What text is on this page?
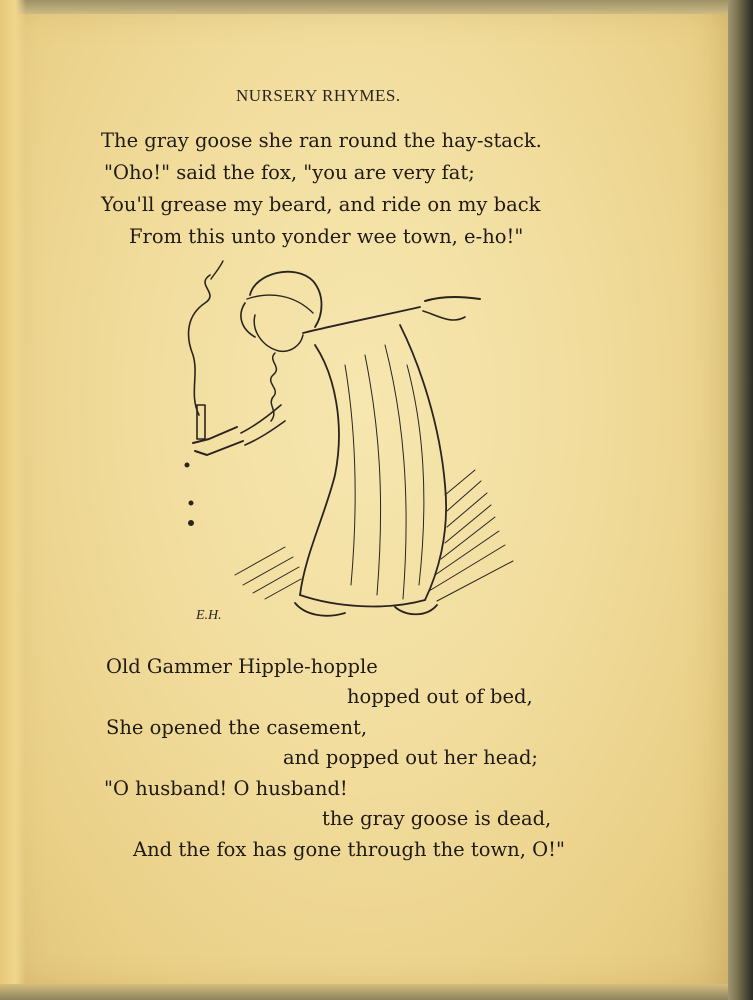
NURSERY RHYMES.
The gray goose she ran round the hay-stack.
"Oho!" said the fox, "you are very fat;
You'll grease my beard, and ride on my back
From this unto yonder wee town, e-ho!"
E.H.
Old Gammer Hipple-hopple
hopped out of bed,
She opened the casement,
and popped out her head;
"O husband! O husband!
the gray goose is dead,
And the fox has gone through the town, O!"
